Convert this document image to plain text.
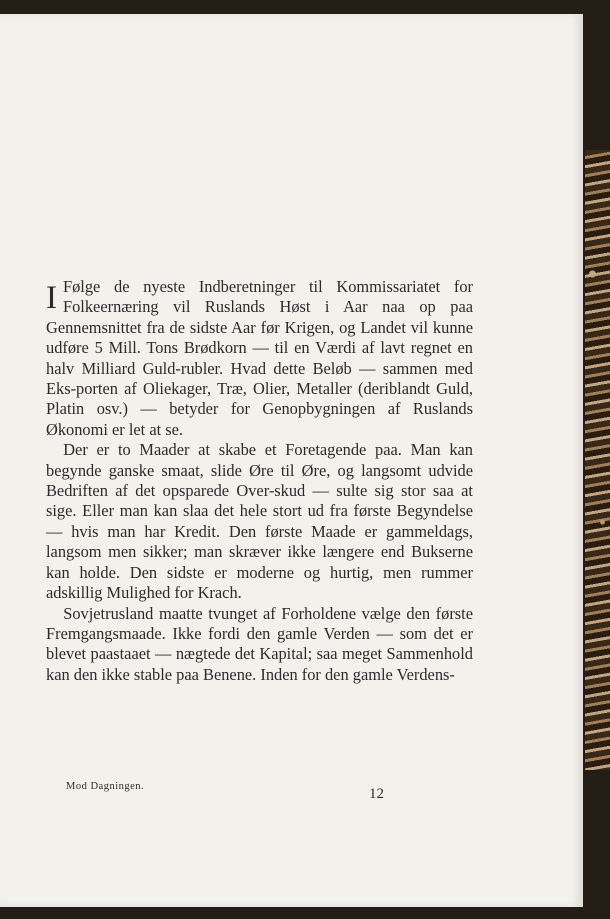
I Følge de nyeste Indberetninger til Kommissariatet for Folkeernæring vil Ruslands Høst i Aar naa op paa Gennemsnittet fra de sidste Aar før Krigen, og Landet vil kunne udføre 5 Mill. Tons Brødkorn — til en Værdi af lavt regnet en halv Milliard Guld-rubler. Hvad dette Beløb — sammen med Eks-porten af Oliekager, Træ, Olier, Metaller (deriblandt Guld, Platin osv.) — betyder for Genopbygningen af Ruslands Økonomi er let at se.

Der er to Maader at skabe et Foretagende paa. Man kan begynde ganske smaat, slide Øre til Øre, og langsomt udvide Bedriften af det opsparede Over-skud — sulte sig stor saa at sige. Eller man kan slaa det hele stort ud fra første Begyndelse — hvis man har Kredit. Den første Maade er gammeldags, langsom men sikker; man skræver ikke længere end Bukserne kan holde. Den sidste er moderne og hurtig, men rummer adskillig Mulighed for Krach.

Sovjetrusland maatte tvunget af Forholdene vælge den første Fremgangsmaade. Ikke fordi den gamle Verden — som det er blevet paastaaet — nægtede det Kapital; saa meget Sammenhold kan den ikke stable paa Benene. Inden for den gamle Verdens-

Mod Dagningen.	12
